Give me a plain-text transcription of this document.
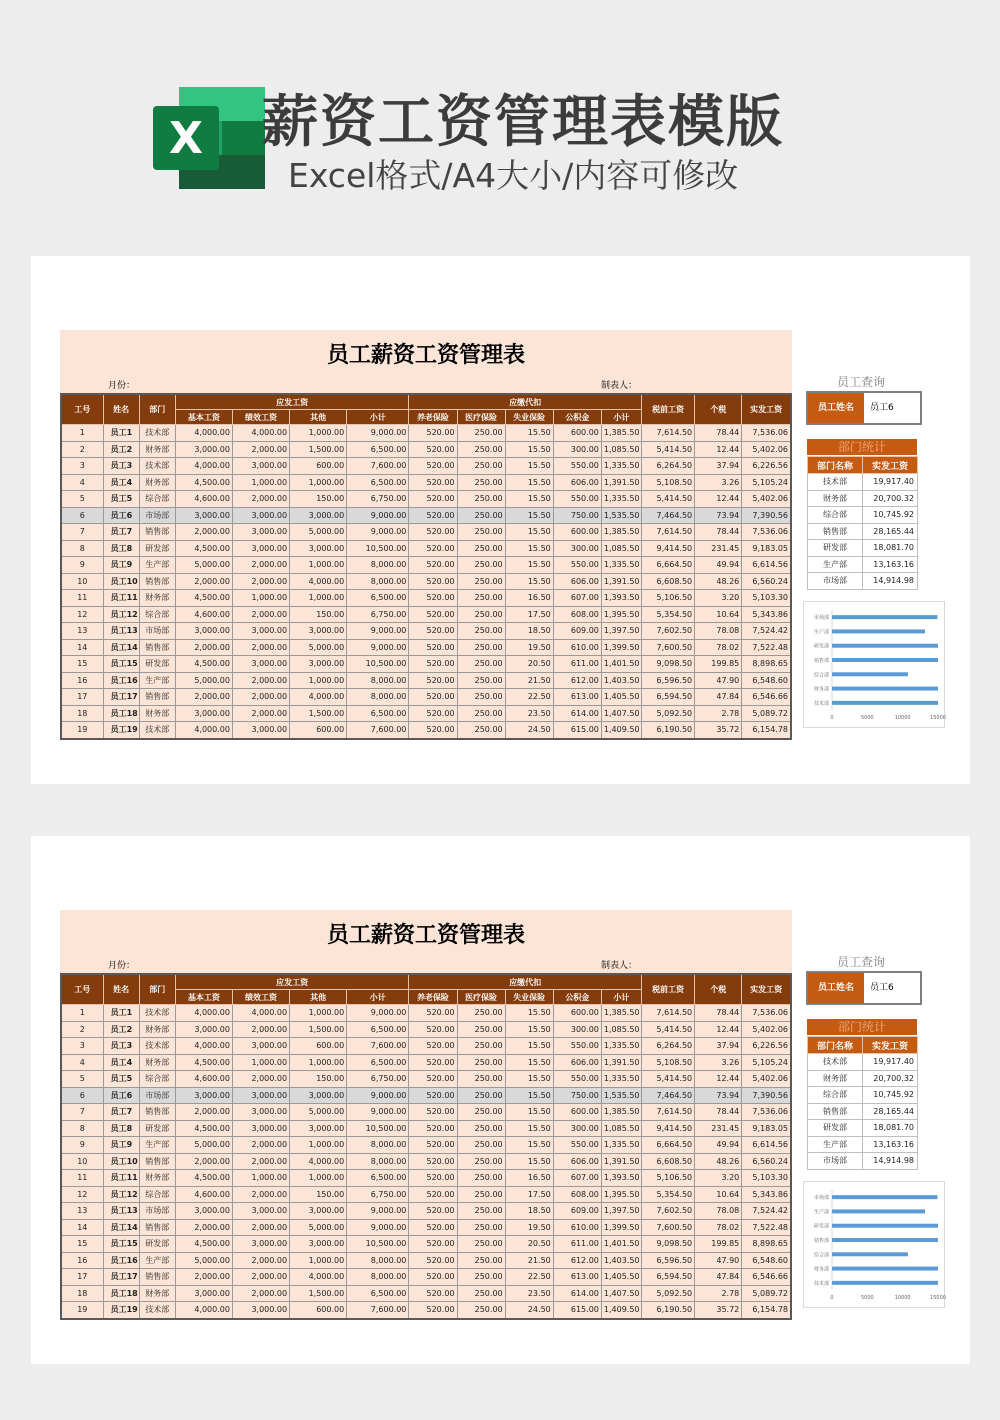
X 薪资工资管理表模版
Excel格式/A4大小/内容可修改
员工薪资工资管理表
月份：	制表人：
工号	姓名	部门	应发工资				应缴代扣					税前工资	个税	实发工资
			基本工资	绩效工资	其他	小计	养老保险	医疗保险	失业保险	公积金	小计			
1	员工1	技术部	4,000.00	4,000.00	1,000.00	9,000.00	520.00	250.00	15.50	600.00	1,385.50	7,614.50	78.44	7,536.06
2	员工2	财务部	3,000.00	2,000.00	1,500.00	6,500.00	520.00	250.00	15.50	300.00	1,085.50	5,414.50	12.44	5,402.06
3	员工3	技术部	4,000.00	3,000.00	600.00	7,600.00	520.00	250.00	15.50	550.00	1,335.50	6,264.50	37.94	6,226.56
4	员工4	财务部	4,500.00	1,000.00	1,000.00	6,500.00	520.00	250.00	15.50	606.00	1,391.50	5,108.50	3.26	5,105.24
5	员工5	综合部	4,600.00	2,000.00	150.00	6,750.00	520.00	250.00	15.50	550.00	1,335.50	5,414.50	12.44	5,402.06
6	员工6	市场部	3,000.00	3,000.00	3,000.00	9,000.00	520.00	250.00	15.50	750.00	1,535.50	7,464.50	73.94	7,390.56
7	员工7	销售部	2,000.00	3,000.00	5,000.00	9,000.00	520.00	250.00	15.50	600.00	1,385.50	7,614.50	78.44	7,536.06
8	员工8	研发部	4,500.00	3,000.00	3,000.00	10,500.00	520.00	250.00	15.50	300.00	1,085.50	9,414.50	231.45	9,183.05
9	员工9	生产部	5,000.00	2,000.00	1,000.00	8,000.00	520.00	250.00	15.50	550.00	1,335.50	6,664.50	49.94	6,614.56
10	员工10	销售部	2,000.00	2,000.00	4,000.00	8,000.00	520.00	250.00	15.50	606.00	1,391.50	6,608.50	48.26	6,560.24
11	员工11	财务部	4,500.00	1,000.00	1,000.00	6,500.00	520.00	250.00	16.50	607.00	1,393.50	5,106.50	3.20	5,103.30
12	员工12	综合部	4,600.00	2,000.00	150.00	6,750.00	520.00	250.00	17.50	608.00	1,395.50	5,354.50	10.64	5,343.86
13	员工13	市场部	3,000.00	3,000.00	3,000.00	9,000.00	520.00	250.00	18.50	609.00	1,397.50	7,602.50	78.08	7,524.42
14	员工14	销售部	2,000.00	2,000.00	5,000.00	9,000.00	520.00	250.00	19.50	610.00	1,399.50	7,600.50	78.02	7,522.48
15	员工15	研发部	4,500.00	3,000.00	3,000.00	10,500.00	520.00	250.00	20.50	611.00	1,401.50	9,098.50	199.85	8,898.65
16	员工16	生产部	5,000.00	2,000.00	1,000.00	8,000.00	520.00	250.00	21.50	612.00	1,403.50	6,596.50	47.90	6,548.60
17	员工17	销售部	2,000.00	2,000.00	4,000.00	8,000.00	520.00	250.00	22.50	613.00	1,405.50	6,594.50	47.84	6,546.66
18	员工18	财务部	3,000.00	2,000.00	1,500.00	6,500.00	520.00	250.00	23.50	614.00	1,407.50	5,092.50	2.78	5,089.72
19	员工19	技术部	4,000.00	3,000.00	600.00	7,600.00	520.00	250.00	24.50	615.00	1,409.50	6,190.50	35.72	6,154.78
员工查询
员工姓名	员工6
部门统计
部门名称	实发工资
技术部	19,917.40
财务部	20,700.32
综合部	10,745.92
销售部	28,165.44
研发部	18,081.70
生产部	13,163.16
市场部	14,914.98
市场部
生产部
研发部
销售部
综合部
财务部
技术部
0	5000	10000	15000
员工薪资工资管理表
月份：	制表人：
工号	姓名	部门	应发工资				应缴代扣					税前工资	个税	实发工资
			基本工资	绩效工资	其他	小计	养老保险	医疗保险	失业保险	公积金	小计			
1	员工1	技术部	4,000.00	4,000.00	1,000.00	9,000.00	520.00	250.00	15.50	600.00	1,385.50	7,614.50	78.44	7,536.06
2	员工2	财务部	3,000.00	2,000.00	1,500.00	6,500.00	520.00	250.00	15.50	300.00	1,085.50	5,414.50	12.44	5,402.06
3	员工3	技术部	4,000.00	3,000.00	600.00	7,600.00	520.00	250.00	15.50	550.00	1,335.50	6,264.50	37.94	6,226.56
4	员工4	财务部	4,500.00	1,000.00	1,000.00	6,500.00	520.00	250.00	15.50	606.00	1,391.50	5,108.50	3.26	5,105.24
5	员工5	综合部	4,600.00	2,000.00	150.00	6,750.00	520.00	250.00	15.50	550.00	1,335.50	5,414.50	12.44	5,402.06
6	员工6	市场部	3,000.00	3,000.00	3,000.00	9,000.00	520.00	250.00	15.50	750.00	1,535.50	7,464.50	73.94	7,390.56
7	员工7	销售部	2,000.00	3,000.00	5,000.00	9,000.00	520.00	250.00	15.50	600.00	1,385.50	7,614.50	78.44	7,536.06
8	员工8	研发部	4,500.00	3,000.00	3,000.00	10,500.00	520.00	250.00	15.50	300.00	1,085.50	9,414.50	231.45	9,183.05
9	员工9	生产部	5,000.00	2,000.00	1,000.00	8,000.00	520.00	250.00	15.50	550.00	1,335.50	6,664.50	49.94	6,614.56
10	员工10	销售部	2,000.00	2,000.00	4,000.00	8,000.00	520.00	250.00	15.50	606.00	1,391.50	6,608.50	48.26	6,560.24
11	员工11	财务部	4,500.00	1,000.00	1,000.00	6,500.00	520.00	250.00	16.50	607.00	1,393.50	5,106.50	3.20	5,103.30
12	员工12	综合部	4,600.00	2,000.00	150.00	6,750.00	520.00	250.00	17.50	608.00	1,395.50	5,354.50	10.64	5,343.86
13	员工13	市场部	3,000.00	3,000.00	3,000.00	9,000.00	520.00	250.00	18.50	609.00	1,397.50	7,602.50	78.08	7,524.42
14	员工14	销售部	2,000.00	2,000.00	5,000.00	9,000.00	520.00	250.00	19.50	610.00	1,399.50	7,600.50	78.02	7,522.48
15	员工15	研发部	4,500.00	3,000.00	3,000.00	10,500.00	520.00	250.00	20.50	611.00	1,401.50	9,098.50	199.85	8,898.65
16	员工16	生产部	5,000.00	2,000.00	1,000.00	8,000.00	520.00	250.00	21.50	612.00	1,403.50	6,596.50	47.90	6,548.60
17	员工17	销售部	2,000.00	2,000.00	4,000.00	8,000.00	520.00	250.00	22.50	613.00	1,405.50	6,594.50	47.84	6,546.66
18	员工18	财务部	3,000.00	2,000.00	1,500.00	6,500.00	520.00	250.00	23.50	614.00	1,407.50	5,092.50	2.78	5,089.72
19	员工19	技术部	4,000.00	3,000.00	600.00	7,600.00	520.00	250.00	24.50	615.00	1,409.50	6,190.50	35.72	6,154.78
员工查询
员工姓名	员工6
部门统计
部门名称	实发工资
技术部	19,917.40
财务部	20,700.32
综合部	10,745.92
销售部	28,165.44
研发部	18,081.70
生产部	13,163.16
市场部	14,914.98
市场部
生产部
研发部
销售部
综合部
财务部
技术部
0	5000	10000	15000
